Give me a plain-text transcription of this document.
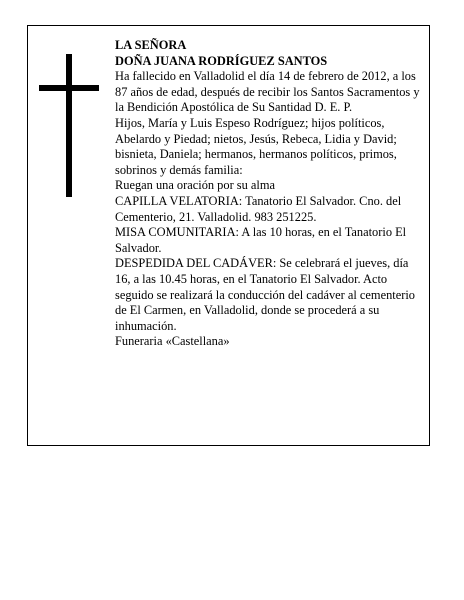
LA SEÑORA
DOÑA JUANA RODRÍGUEZ SANTOS

Ha fallecido en Valladolid el día 14 de febrero de 2012, a los 87 años de edad, después de recibir los Santos Sacramentos y la Bendición Apostólica de Su Santidad D. E. P.

Hijos, María y Luis Espeso Rodríguez; hijos políticos, Abelardo y Piedad; nietos, Jesús, Rebeca, Lidia y David; bisnieta, Daniela; hermanos, hermanos políticos, primos, sobrinos y demás familia:

Ruegan una oración por su alma

CAPILLA VELATORIA: Tanatorio El Salvador. Cno. del Cementerio, 21. Valladolid. 983 251225.

MISA COMUNITARIA: A las 10 horas, en el Tanatorio El Salvador.

DESPEDIDA DEL CADÁVER: Se celebrará el jueves, día 16, a las 10.45 horas, en el Tanatorio El Salvador. Acto seguido se realizará la conducción del cadáver al cementerio de El Carmen, en Valladolid, donde se procederá a su inhumación.

Funeraria «Castellana»
